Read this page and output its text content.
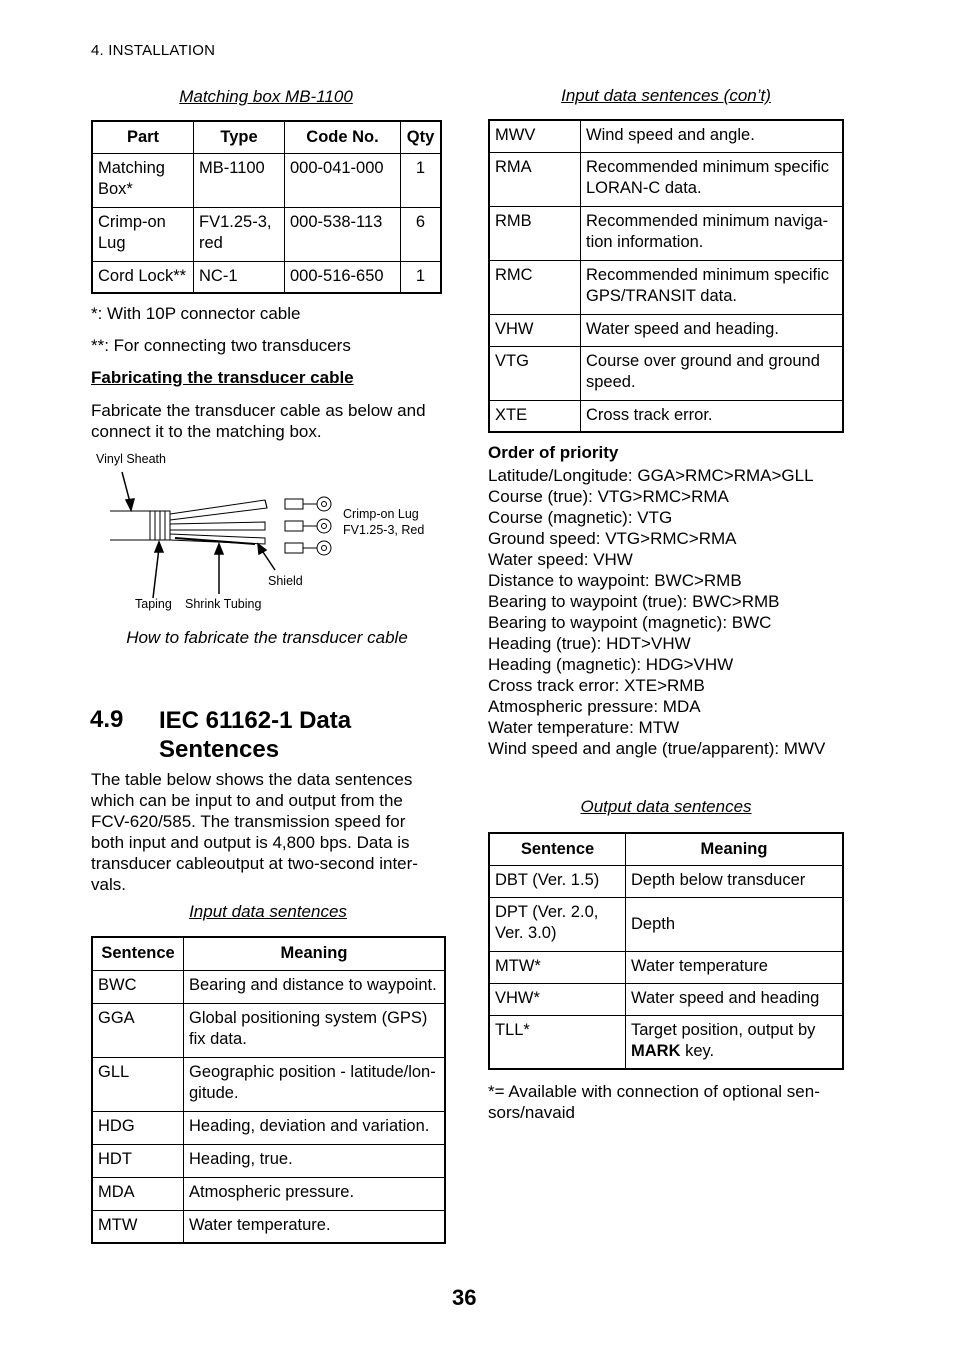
4. INSTALLATION
Matching box MB-1100
Part	Type	Code No.	Qty
Matching Box*	MB-1100	000-041-000	1
Crimp-on Lug	FV1.25-3, red	000-538-113	6
Cord Lock**	NC-1	000-516-650	1
*: With 10P connector cable
**: For connecting two transducers
Fabricating the transducer cable
Fabricate the transducer cable as below and connect it to the matching box.
Vinyl Sheath
Crimp-on Lug
FV1.25-3, Red
Shield
Taping Shrink Tubing
How to fabricate the transducer cable
4.9 IEC 61162-1 Data Sentences
The table below shows the data sentences which can be input to and output from the FCV-620/585. The transmission speed for both input and output is 4,800 bps. Data is transducer cableoutput at two-second inter-vals.
Input data sentences
Sentence	Meaning
BWC	Bearing and distance to waypoint.
GGA	Global positioning system (GPS) fix data.
GLL	Geographic position - latitude/lon-gitude.
HDG	Heading, deviation and variation.
HDT	Heading, true.
MDA	Atmospheric pressure.
MTW	Water temperature.
Input data sentences (con’t)
MWV	Wind speed and angle.
RMA	Recommended minimum specific LORAN-C data.
RMB	Recommended minimum naviga-tion information.
RMC	Recommended minimum specific GPS/TRANSIT data.
VHW	Water speed and heading.
VTG	Course over ground and ground speed.
XTE	Cross track error.
Order of priority
Latitude/Longitude: GGA>RMC>RMA>GLL
Course (true): VTG>RMC>RMA
Course (magnetic): VTG
Ground speed: VTG>RMC>RMA
Water speed: VHW
Distance to waypoint: BWC>RMB
Bearing to waypoint (true): BWC>RMB
Bearing to waypoint (magnetic): BWC
Heading (true): HDT>VHW
Heading (magnetic): HDG>VHW
Cross track error: XTE>RMB
Atmospheric pressure: MDA
Water temperature: MTW
Wind speed and angle (true/apparent): MWV
Output data sentences
Sentence	Meaning
DBT (Ver. 1.5)	Depth below transducer
DPT (Ver. 2.0, Ver. 3.0)	Depth
MTW*	Water temperature
VHW*	Water speed and heading
TLL*	Target position, output by MARK key.
*= Available with connection of optional sen-sors/navaid
36
